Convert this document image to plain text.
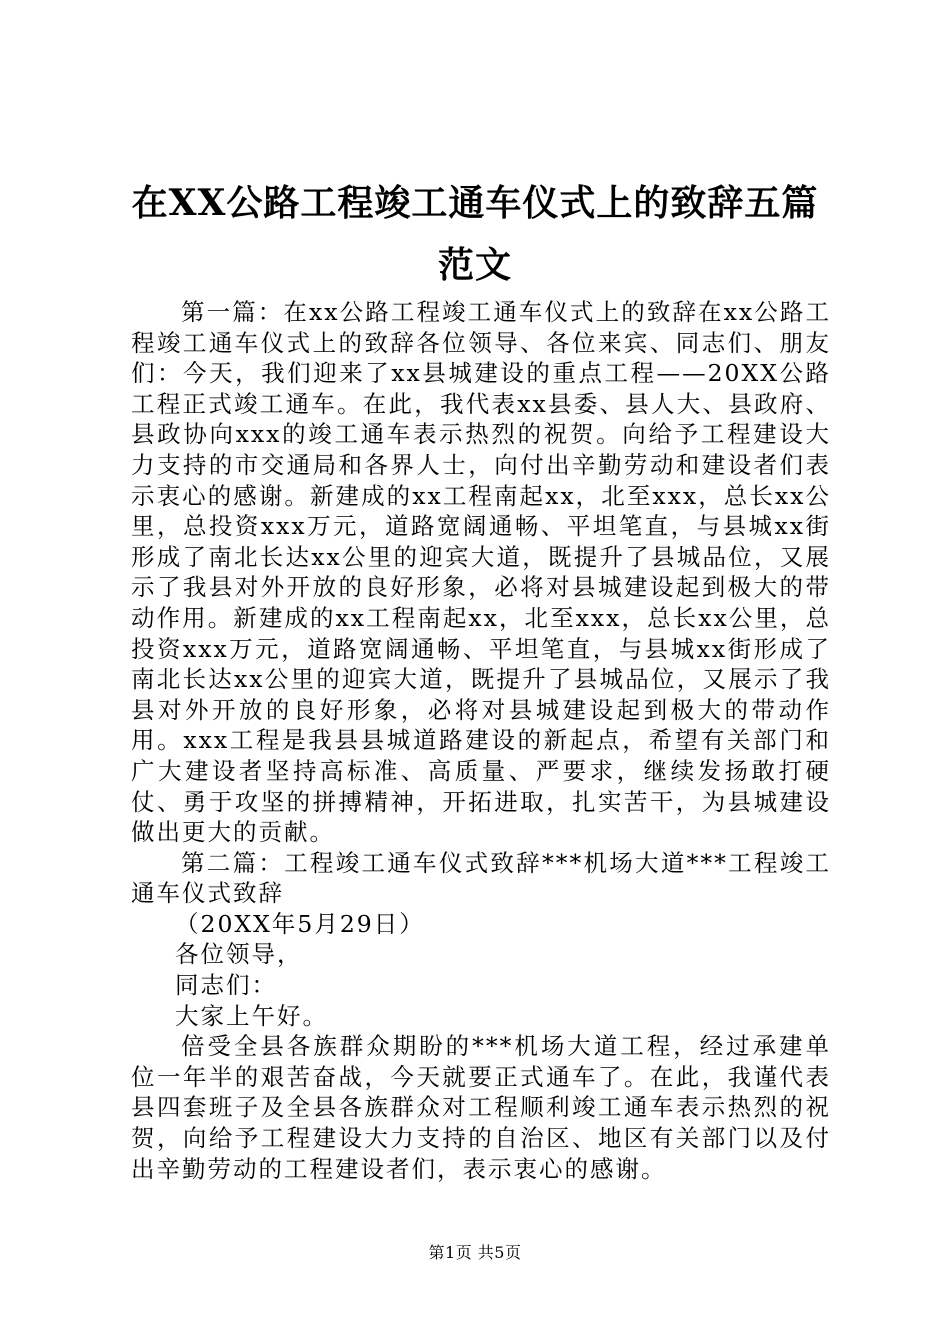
在XX公路工程竣工通车仪式上的致辞五篇范文

第一篇：在xx公路工程竣工通车仪式上的致辞在xx公路工程竣工通车仪式上的致辞各位领导、各位来宾、同志们、朋友们：今天，我们迎来了xx县城建设的重点工程——20XX公路工程正式竣工通车。在此，我代表xx县委、县人大、县政府、县政协向xxx的竣工通车表示热烈的祝贺。向给予工程建设大力支持的市交通局和各界人士，向付出辛勤劳动和建设者们表示衷心的感谢。新建成的xx工程南起xx，北至xxx，总长xx公里，总投资xxx万元，道路宽阔通畅、平坦笔直，与县城xx街形成了南北长达xx公里的迎宾大道，既提升了县城品位，又展示了我县对外开放的良好形象，必将对县城建设起到极大的带动作用。新建成的xx工程南起xx，北至xxx，总长xx公里，总投资xxx万元，道路宽阔通畅、平坦笔直，与县城xx街形成了南北长达xx公里的迎宾大道，既提升了县城品位，又展示了我县对外开放的良好形象，必将对县城建设起到极大的带动作用。xxx工程是我县县城道路建设的新起点，希望有关部门和广大建设者坚持高标准、高质量、严要求，继续发扬敢打硬仗、勇于攻坚的拼搏精神，开拓进取，扎实苦干，为县城建设做出更大的贡献。

第二篇：工程竣工通车仪式致辞***机场大道***工程竣工通车仪式致辞

（20XX年5月29日）

各位领导，

同志们：

大家上午好。

倍受全县各族群众期盼的***机场大道工程，经过承建单位一年半的艰苦奋战，今天就要正式通车了。在此，我谨代表县四套班子及全县各族群众对工程顺利竣工通车表示热烈的祝贺，向给予工程建设大力支持的自治区、地区有关部门以及付出辛勤劳动的工程建设者们，表示衷心的感谢。

第1页 共5页
